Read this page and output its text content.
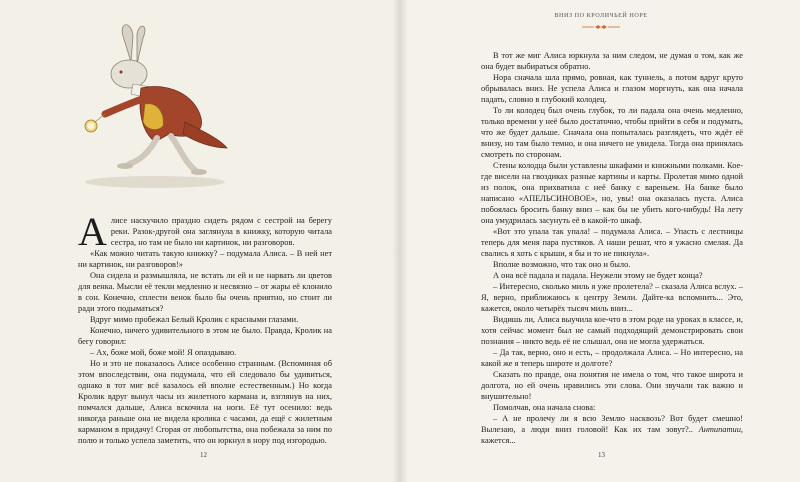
Алисе наскучило праздно сидеть рядом с сестрой на берегу реки. Разок-другой она заглянула в книжку, которую читала сестра, но там не было ни картинок, ни разговоров.

«Как можно читать такую книжку? – подумала Алиса. – В ней нет ни картинок, ни разговоров!»

Она сидела и размышляла, не встать ли ей и не нарвать ли цветов для венка. Мысли её текли медленно и несвязно – от жары её клонило в сон. Конечно, сплести венок было бы очень приятно, но стоит ли ради этого подыматься?

Вдруг мимо пробежал Белый Кролик с красными глазами.

Конечно, ничего удивительного в этом не было. Правда, Кролик на бегу говорил:

– Ах, боже мой, боже мой! Я опаздываю.

Но и это не показалось Алисе особенно странным. (Вспоминая об этом впоследствии, она подумала, что ей следовало бы удивиться, однако в тот миг всё казалось ей вполне естественным.) Но когда Кролик вдруг вынул часы из жилетного кармана и, взглянув на них, помчался дальше, Алиса вскочила на ноги. Её тут осенило: ведь никогда раньше она не видела кролика с часами, да ещё с жилетным карманом в придачу! Сгорая от любопытства, она побежала за ним по полю и только успела заметить, что он юркнул в нору под изгородью.

12
ВНИЗ ПО КРОЛИЧЬЕЙ НОРЕ

В тот же миг Алиса юркнула за ним следом, не думая о том, как же она будет выбираться обратно.

Нора сначала шла прямо, ровная, как туннель, а потом вдруг круто обрывалась вниз. Не успела Алиса и глазом моргнуть, как она начала падать, словно в глубокий колодец.

То ли колодец был очень глубок, то ли падала она очень медленно, только времени у неё было достаточно, чтобы прийти в себя и подумать, что же будет дальше. Сначала она попыталась разглядеть, что ждёт её внизу, но там было темно, и она ничего не увидела. Тогда она принялась смотреть по сторонам.

Стены колодца были уставлены шкафами и книжными полками. Кое-где висели на гвоздиках разные картины и карты. Пролетая мимо одной из полок, она прихватила с неё банку с вареньем. На банке было написано «АПЕЛЬСИНОВОЕ», но, увы! она оказалась пуста. Алиса побоялась бросить банку вниз – как бы не убить кого-нибудь! На лету она умудрилась засунуть её в какой-то шкаф.

«Вот это упала так упала! – подумала Алиса. – Упасть с лестницы теперь для меня пара пустяков. А наши решат, что я ужасно смелая. Да свались я хоть с крыши, я бы и то не пикнула».

Вполне возможно, что так оно и было.

А она всё падала и падала. Неужели этому не будет конца?

– Интересно, сколько миль я уже пролетела? – сказала Алиса вслух. – Я, верно, приближаюсь к центру Земли. Дайте-ка вспомнить... Это, кажется, около четырёх тысяч миль вниз...

Видишь ли, Алиса выучила кое-что в этом роде на уроках в классе, и, хотя сейчас момент был не самый подходящий демонстрировать свои познания – никто ведь её не слышал, она не могла удержаться.

– Да так, верно, оно и есть, – продолжала Алиса. – Но интересно, на какой же я теперь широте и долготе?

Сказать по правде, она понятия не имела о том, что такое широта и долгота, но ей очень нравились эти слова. Они звучали так важно и внушительно!

Помолчав, она начала снова:

– А не пролечу ли я всю Землю насквозь? Вот будет смешно! Вылезаю, а люди вниз головой! Как их там зовут?.. Антипатии, кажется...

13
